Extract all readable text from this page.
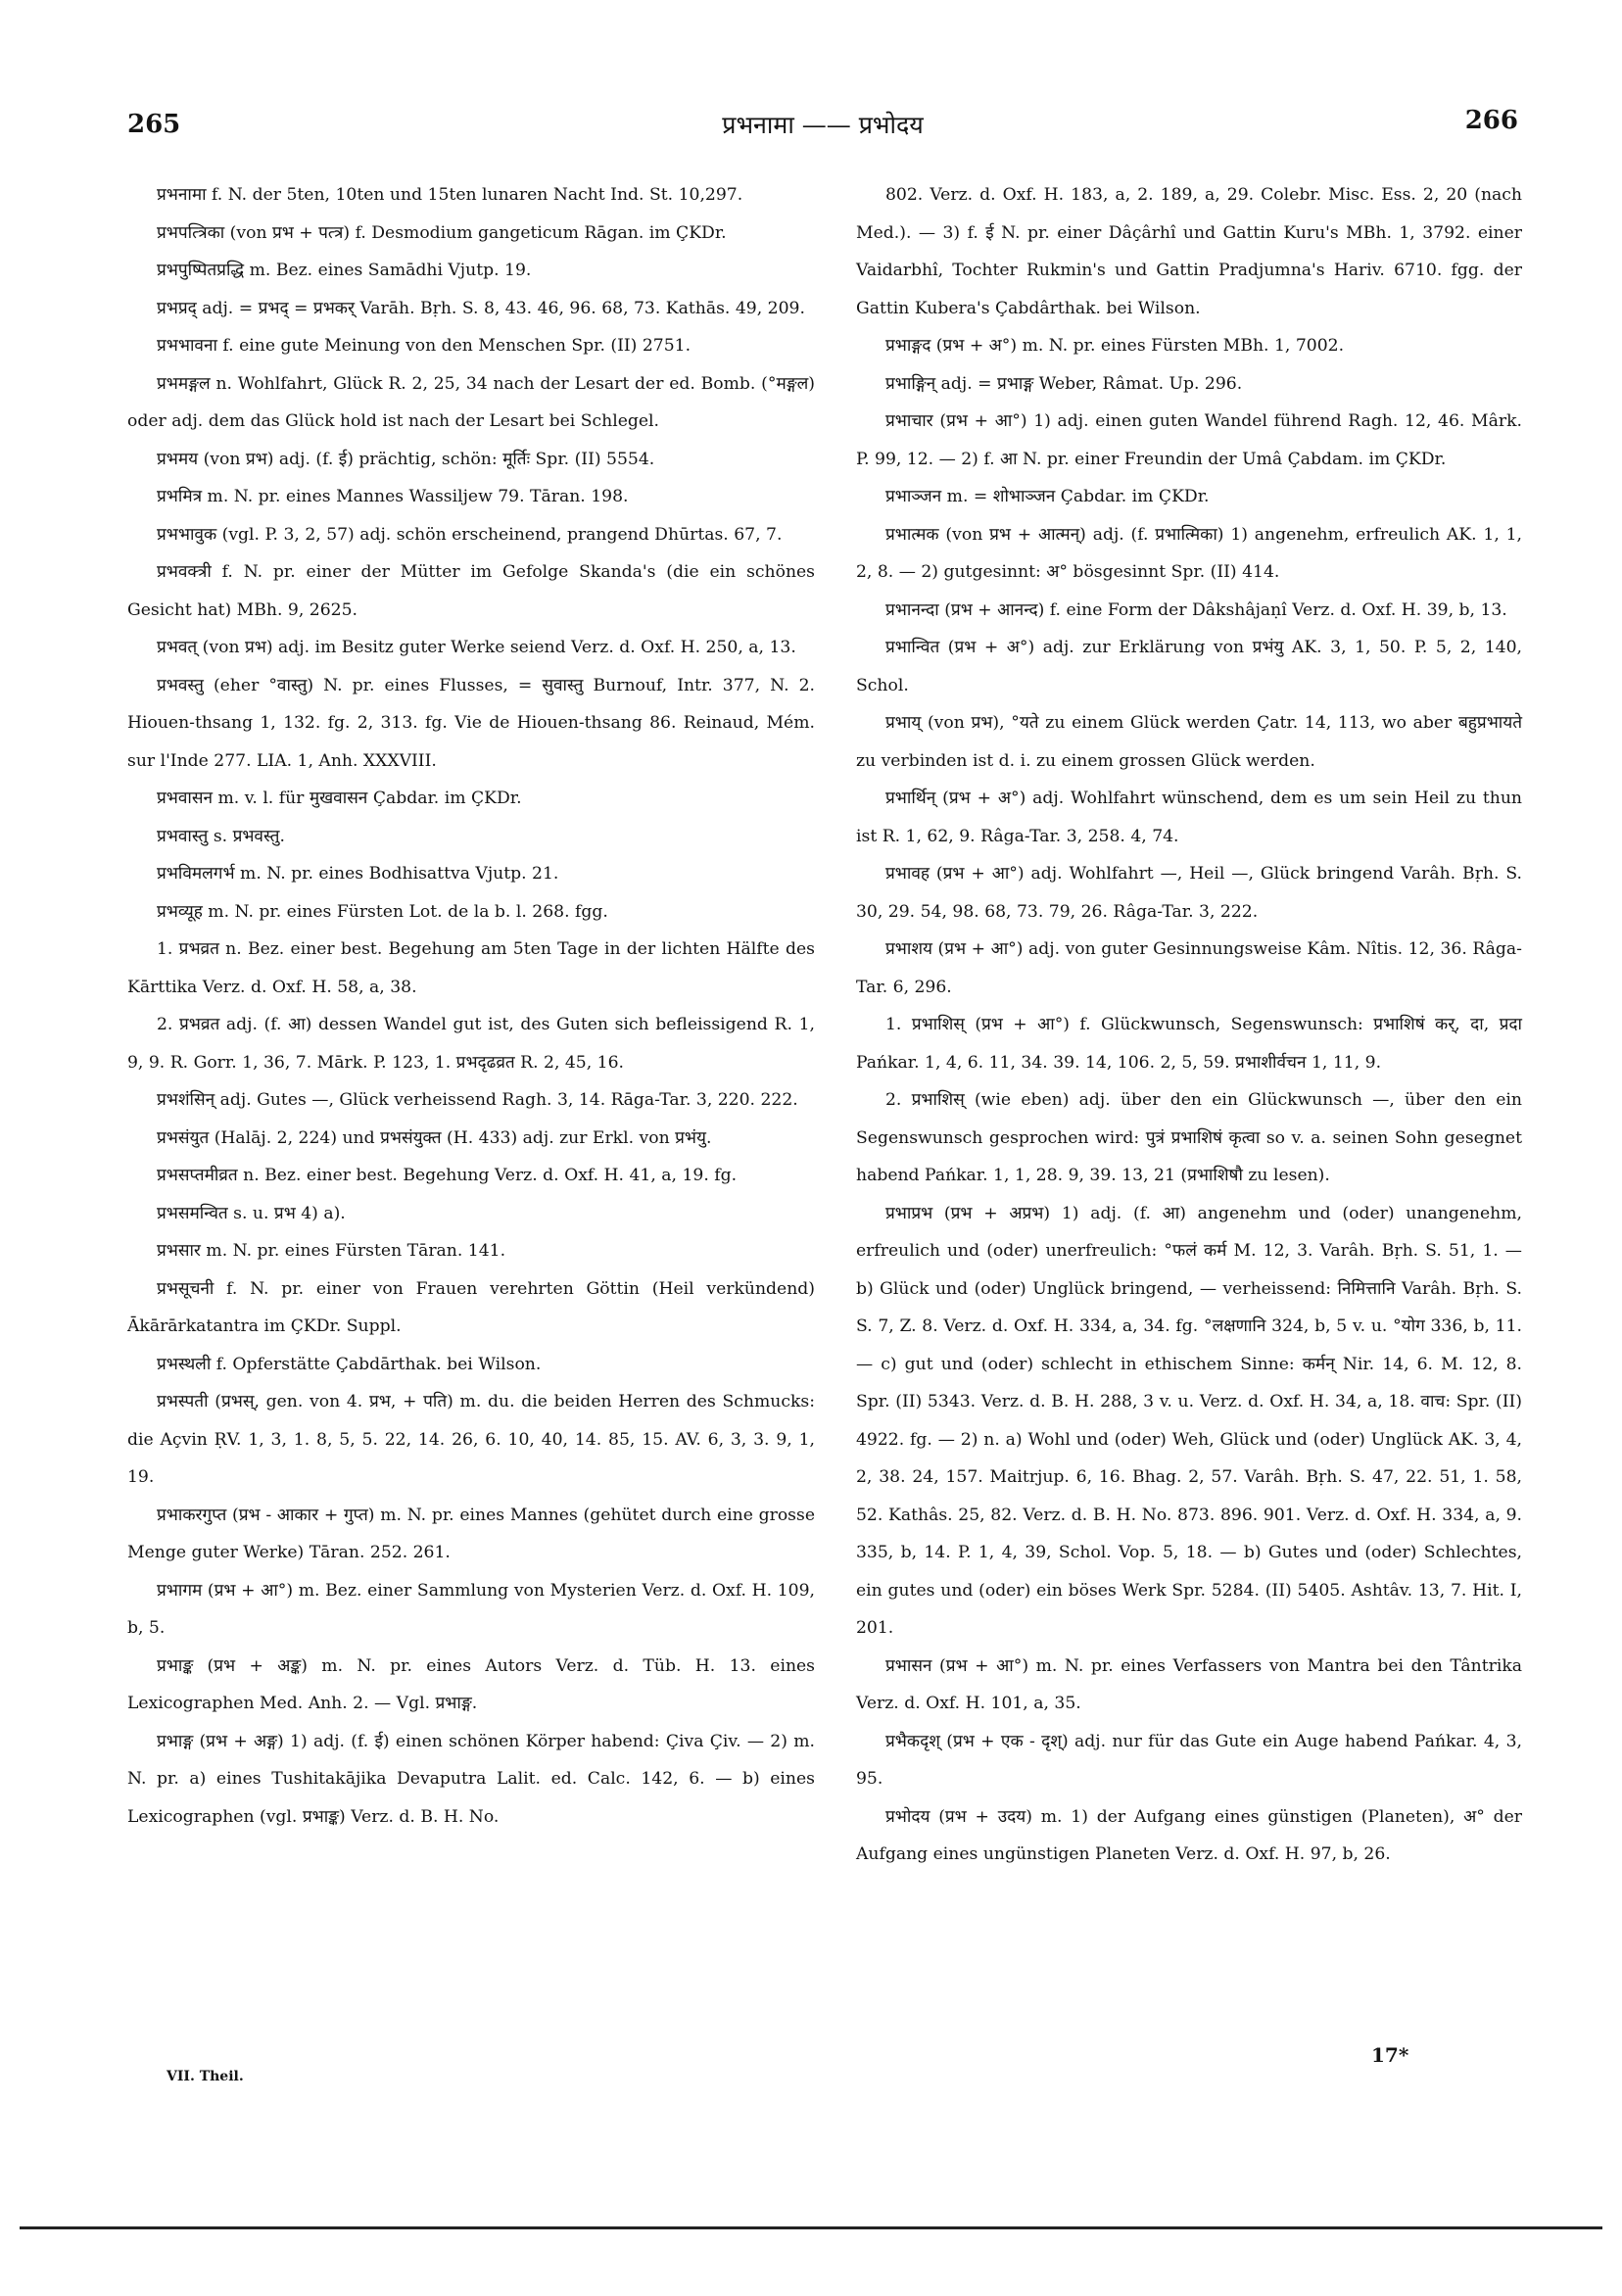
265	प्रभनामा —— प्रभोदय	266

प्रभनामा f. N. der 5ten, 10ten und 15ten lunaren Nacht Ind. St. 10,297.

प्रभपत्त्रिका (von प्रभ + पत्त्र) f. Desmodium gangeticum Rāgan. im ÇKDr.

प्रभपुष्पितप्रद्धि m. Bez. eines Samādhi Vjutp. 19.

प्रभप्रद् adj. = प्रभद् = प्रभकर् Varāh. Bṛh. S. 8, 43. 46, 96. 68, 73. Kathās. 49, 209.

प्रभभावना f. eine gute Meinung von den Menschen Spr. (II) 2751.

प्रभमङ्गल n. Wohlfahrt, Glück R. 2, 25, 34 nach der Lesart der ed. Bomb. (°मङ्गल) oder adj. dem das Glück hold ist nach der Lesart bei Schlegel.

प्रभमय (von प्रभ) adj. (f. ई) prächtig, schön: मूर्तिः Spr. (II) 5554.

प्रभमित्र m. N. pr. eines Mannes Wassiljew 79. Tāran. 198.

प्रभभावुक (vgl. P. 3, 2, 57) adj. schön erscheinend, prangend Dhūrtas. 67, 7.

प्रभवक्त्री f. N. pr. einer der Mütter im Gefolge Skanda's (die ein schönes Gesicht hat) MBh. 9, 2625.

प्रभवत् (von प्रभ) adj. im Besitz guter Werke seiend Verz. d. Oxf. H. 250, a, 13.

प्रभवस्तु (eher °वास्तु) N. pr. eines Flusses, = सुवास्तु Burnouf, Intr. 377, N. 2. Hiouen-thsang 1, 132. fg. 2, 313. fg. Vie de Hiouen-thsang 86. Reinaud, Mém. sur l'Inde 277. LIA. 1, Anh. XXXVIII.

प्रभवासन m. v. l. für मुखवासन Çabdar. im ÇKDr.

प्रभवास्तु s. प्रभवस्तु.

प्रभविमलगर्भ m. N. pr. eines Bodhisattva Vjutp. 21.

प्रभव्यूह m. N. pr. eines Fürsten Lot. de la b. l. 268. fgg.

1. प्रभव्रत n. Bez. einer best. Begehung am 5ten Tage in der lichten Hälfte des Kārttika Verz. d. Oxf. H. 58, a, 38.

2. प्रभव्रत adj. (f. आ) dessen Wandel gut ist, des Guten sich befleissigend R. 1, 9, 9. R. Gorr. 1, 36, 7. Mārk. P. 123, 1. प्रभदृढव्रत R. 2, 45, 16.

प्रभशंसिन् adj. Gutes —, Glück verheissend Ragh. 3, 14. Rāga-Tar. 3, 220. 222.

प्रभसंयुत (Halāj. 2, 224) und प्रभसंयुक्त (H. 433) adj. zur Erkl. von प्रभंयु.

प्रभसप्तमीव्रत n. Bez. einer best. Begehung Verz. d. Oxf. H. 41, a, 19. fg.

प्रभसमन्वित s. u. प्रभ 4) a).

प्रभसार m. N. pr. eines Fürsten Tāran. 141.

प्रभसूचनी f. N. pr. einer von Frauen verehrten Göttin (Heil verkündend) Ākārārkatantra im ÇKDr. Suppl.

प्रभस्थली f. Opferstätte Çabdārthak. bei Wilson.

प्रभस्पती (प्रभस्, gen. von 4. प्रभ, + पति) m. du. die beiden Herren des Schmucks: die Açvin ṚV. 1, 3, 1. 8, 5, 5. 22, 14. 26, 6. 10, 40, 14. 85, 15. AV. 6, 3, 3. 9, 1, 19.

प्रभाकरगुप्त (प्रभ - आकार + गुप्त) m. N. pr. eines Mannes (gehütet durch eine grosse Menge guter Werke) Tāran. 252. 261.

प्रभागम (प्रभ + आ°) m. Bez. einer Sammlung von Mysterien Verz. d. Oxf. H. 109, b, 5.

प्रभाङ्क (प्रभ + अङ्क) m. N. pr. eines Autors Verz. d. Tüb. H. 13. eines Lexicographen Med. Anh. 2. — Vgl. प्रभाङ्ग.

प्रभाङ्ग (प्रभ + अङ्ग) 1) adj. (f. ई) einen schönen Körper habend: Çiva Çiv. — 2) m. N. pr. a) eines Tushitakājika Devaputra Lalit. ed. Calc. 142, 6. — b) eines Lexicographen (vgl. प्रभाङ्क) Verz. d. B. H. No.

802. Verz. d. Oxf. H. 183, a, 2. 189, a, 29. Colebr. Misc. Ess. 2, 20 (nach Med.). — 3) f. ई N. pr. einer Dâçârhî und Gattin Kuru's MBh. 1, 3792. einer Vaidarbhî, Tochter Rukmin's und Gattin Pradjumna's Hariv. 6710. fgg. der Gattin Kubera's Çabdârthak. bei Wilson.

प्रभाङ्गद (प्रभ + अ°) m. N. pr. eines Fürsten MBh. 1, 7002.

प्रभाङ्गिन् adj. = प्रभाङ्ग Weber, Râmat. Up. 296.

प्रभाचार (प्रभ + आ°) 1) adj. einen guten Wandel führend Ragh. 12, 46. Mârk. P. 99, 12. — 2) f. आ N. pr. einer Freundin der Umâ Çabdam. im ÇKDr.

प्रभाञ्जन m. = शोभाञ्जन Çabdar. im ÇKDr.

प्रभात्मक (von प्रभ + आत्मन्) adj. (f. प्रभात्मिका) 1) angenehm, erfreulich AK. 1, 1, 2, 8. — 2) gutgesinnt: अ° bösgesinnt Spr. (II) 414.

प्रभानन्दा (प्रभ + आनन्द) f. eine Form der Dâkshâjaṇî Verz. d. Oxf. H. 39, b, 13.

प्रभान्वित (प्रभ + अ°) adj. zur Erklärung von प्रभंयु AK. 3, 1, 50. P. 5, 2, 140, Schol.

प्रभाय् (von प्रभ), °यते zu einem Glück werden Çatr. 14, 113, wo aber बहुप्रभायते zu verbinden ist d. i. zu einem grossen Glück werden.

प्रभार्थिन् (प्रभ + अ°) adj. Wohlfahrt wünschend, dem es um sein Heil zu thun ist R. 1, 62, 9. Râga-Tar. 3, 258. 4, 74.

प्रभावह (प्रभ + आ°) adj. Wohlfahrt —, Heil —, Glück bringend Varâh. Bṛh. S. 30, 29. 54, 98. 68, 73. 79, 26. Râga-Tar. 3, 222.

प्रभाशय (प्रभ + आ°) adj. von guter Gesinnungsweise Kâm. Nîtis. 12, 36. Râga-Tar. 6, 296.

1. प्रभाशिस् (प्रभ + आ°) f. Glückwunsch, Segenswunsch: प्रभाशिषं कर्, दा, प्रदा Pańkar. 1, 4, 6. 11, 34. 39. 14, 106. 2, 5, 59. प्रभाशीर्वचन 1, 11, 9.

2. प्रभाशिस् (wie eben) adj. über den ein Glückwunsch —, über den ein Segenswunsch gesprochen wird: पुत्रं प्रभाशिषं कृत्वा so v. a. seinen Sohn gesegnet habend Pańkar. 1, 1, 28. 9, 39. 13, 21 (प्रभाशिषौ zu lesen).

प्रभाप्रभ (प्रभ + अप्रभ) 1) adj. (f. आ) angenehm und (oder) unangenehm, erfreulich und (oder) unerfreulich: °फलं कर्म M. 12, 3. Varâh. Bṛh. S. 51, 1. — b) Glück und (oder) Unglück bringend, — verheissend: निमित्तानि Varâh. Bṛh. S. S. 7, Z. 8. Verz. d. Oxf. H. 334, a, 34. fg. °लक्षणानि 324, b, 5 v. u. °योग 336, b, 11. — c) gut und (oder) schlecht in ethischem Sinne: कर्मन् Nir. 14, 6. M. 12, 8. Spr. (II) 5343. Verz. d. B. H. 288, 3 v. u. Verz. d. Oxf. H. 34, a, 18. वाच: Spr. (II) 4922. fg. — 2) n. a) Wohl und (oder) Weh, Glück und (oder) Unglück AK. 3, 4, 2, 38. 24, 157. Maitrjup. 6, 16. Bhag. 2, 57. Varâh. Bṛh. S. 47, 22. 51, 1. 58, 52. Kathâs. 25, 82. Verz. d. B. H. No. 873. 896. 901. Verz. d. Oxf. H. 334, a, 9. 335, b, 14. P. 1, 4, 39, Schol. Vop. 5, 18. — b) Gutes und (oder) Schlechtes, ein gutes und (oder) ein böses Werk Spr. 5284. (II) 5405. Ashtâv. 13, 7. Hit. I, 201.

प्रभासन (प्रभ + आ°) m. N. pr. eines Verfassers von Mantra bei den Tântrika Verz. d. Oxf. H. 101, a, 35.

प्रभैकदृश् (प्रभ + एक - दृश्) adj. nur für das Gute ein Auge habend Pańkar. 4, 3, 95.

प्रभोदय (प्रभ + उदय) m. 1) der Aufgang eines günstigen (Planeten), अ° der Aufgang eines ungünstigen Planeten Verz. d. Oxf. H. 97, b, 26.

VII. Theil.
17*
